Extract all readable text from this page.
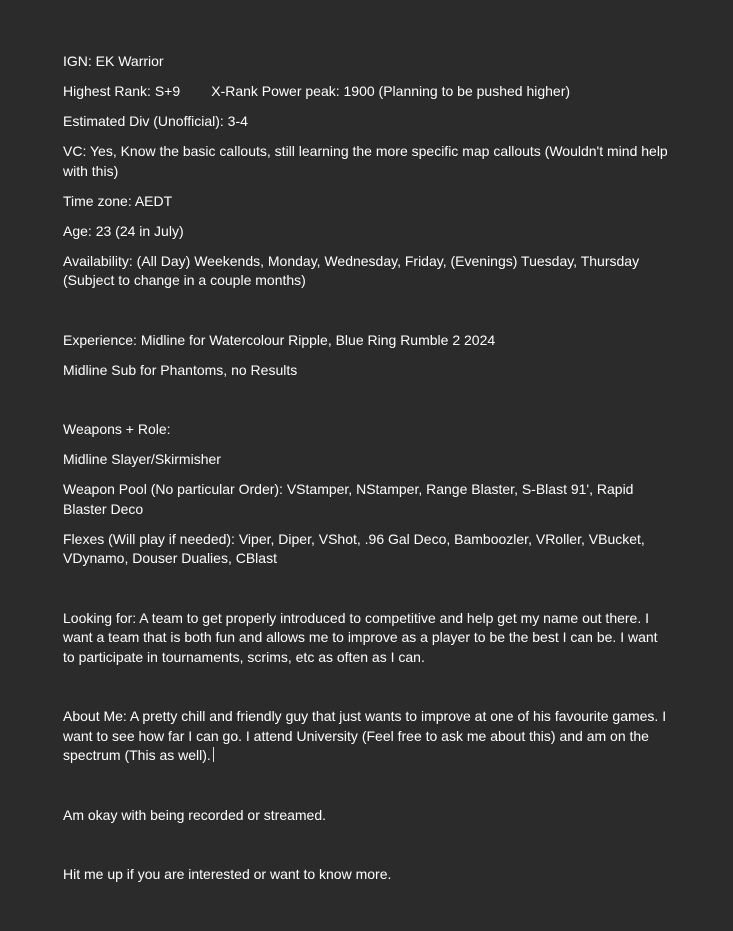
IGN: EK Warrior

Highest Rank: S+9        X-Rank Power peak: 1900 (Planning to be pushed higher)

Estimated Div (Unofficial): 3-4

VC: Yes, Know the basic callouts, still learning the more specific map callouts (Wouldn't mind help with this)

Time zone: AEDT

Age: 23 (24 in July)

Availability: (All Day) Weekends, Monday, Wednesday, Friday, (Evenings) Tuesday, Thursday (Subject to change in a couple months)

Experience: Midline for Watercolour Ripple, Blue Ring Rumble 2 2024

Midline Sub for Phantoms, no Results

Weapons + Role:

Midline Slayer/Skirmisher

Weapon Pool (No particular Order): VStamper, NStamper, Range Blaster, S-Blast 91', Rapid Blaster Deco

Flexes (Will play if needed): Viper, Diper, VShot, .96 Gal Deco, Bamboozler, VRoller, VBucket, VDynamo, Douser Dualies, CBlast

Looking for: A team to get properly introduced to competitive and help get my name out there. I want a team that is both fun and allows me to improve as a player to be the best I can be. I want to participate in tournaments, scrims, etc as often as I can.

About Me: A pretty chill and friendly guy that just wants to improve at one of his favourite games. I want to see how far I can go. I attend University (Feel free to ask me about this) and am on the spectrum (This as well).

Am okay with being recorded or streamed.

Hit me up if you are interested or want to know more.
